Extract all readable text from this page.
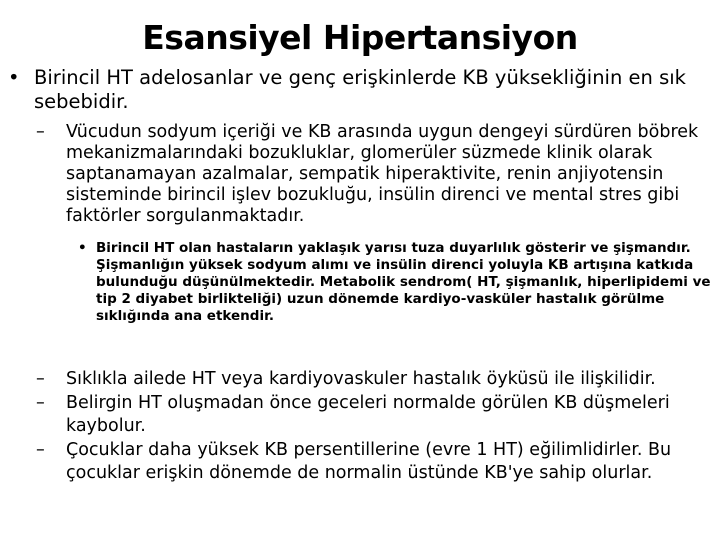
Esansiyel Hipertansiyon
• Birincil HT adelosanlar ve genç erişkinlerde KB yüksekliğinin en sık sebebidir.
–	Vücudun sodyum içeriği ve KB arasında uygun dengeyi sürdüren böbrek mekanizmalarındaki bozukluklar, glomerüler süzmede klinik olarak saptanamayan azalmalar, sempatik hiperaktivite, renin anjiyotensin sisteminde birincil işlev bozukluğu, insülin direnci ve mental stres gibi faktörler sorgulanmaktadır.
• Birincil HT olan hastaların yaklaşık yarısı tuza duyarlılık gösterir ve şişmandır. Şişmanlığın yüksek sodyum alımı ve insülin direnci yoluyla KB artışına katkıda bulunduğu düşünülmektedir. Metabolik sendrom( HT, şişmanlık, hiperlipidemi ve tip 2 diyabet birlikteliği) uzun dönemde kardiyo-vasküler hastalık görülme sıklığında ana etkendir.
–	Sıklıkla ailede HT veya kardiyovaskuler hastalık öyküsü ile ilişkilidir.
–	Belirgin HT oluşmadan önce geceleri normalde görülen KB düşmeleri kaybolur.
–	Çocuklar daha yüksek KB persentillerine (evre 1 HT) eğilimlidirler. Bu çocuklar erişkin dönemde de normalin üstünde KB'ye sahip olurlar.
